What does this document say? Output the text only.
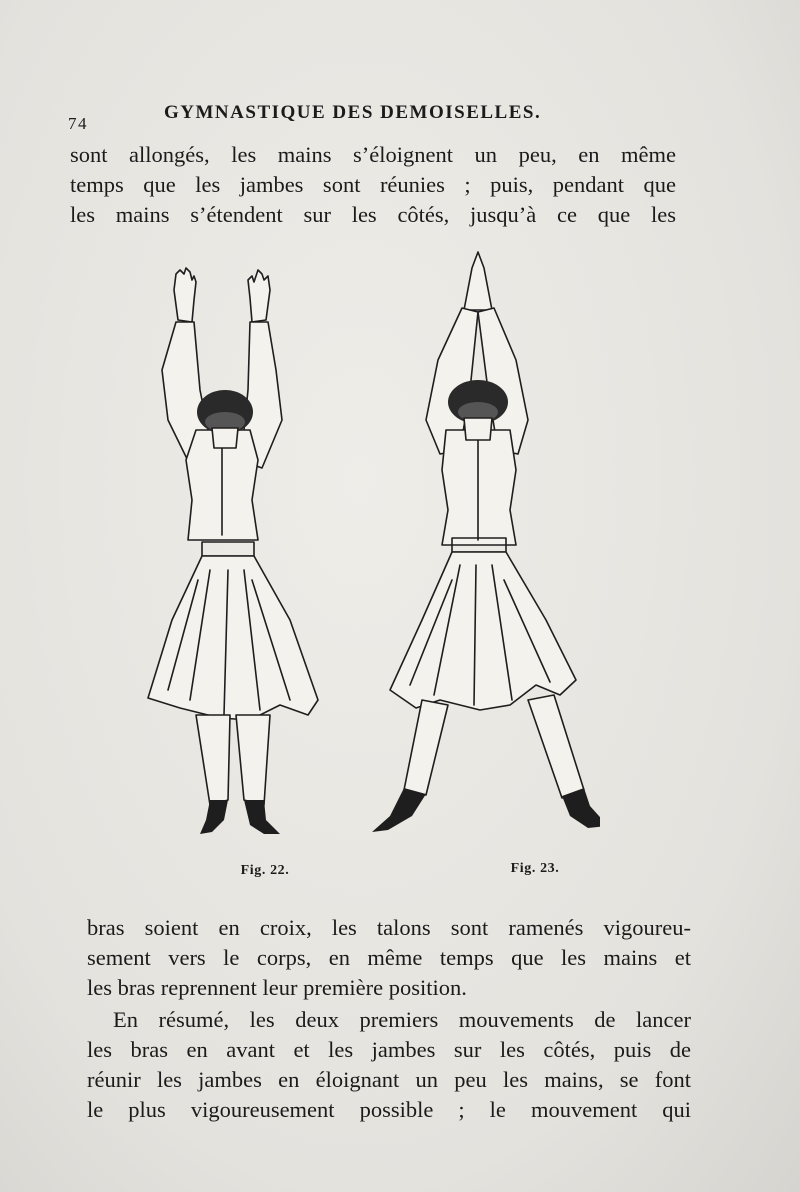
74
GYMNASTIQUE DES DEMOISELLES.

sont allongés, les mains s’éloignent un peu, en même
temps que les jambes sont réunies ; puis, pendant que
les mains s’étendent sur les côtés, jusqu’à ce que les

Fig. 22.	Fig. 23.

bras soient en croix, les talons sont ramenés vigoureu-
sement vers le corps, en même temps que les mains et
les bras reprennent leur première position.

En résumé, les deux premiers mouvements de lancer
les bras en avant et les jambes sur les côtés, puis de
réunir les jambes en éloignant un peu les mains, se font
le plus vigoureusement possible ; le mouvement qui
